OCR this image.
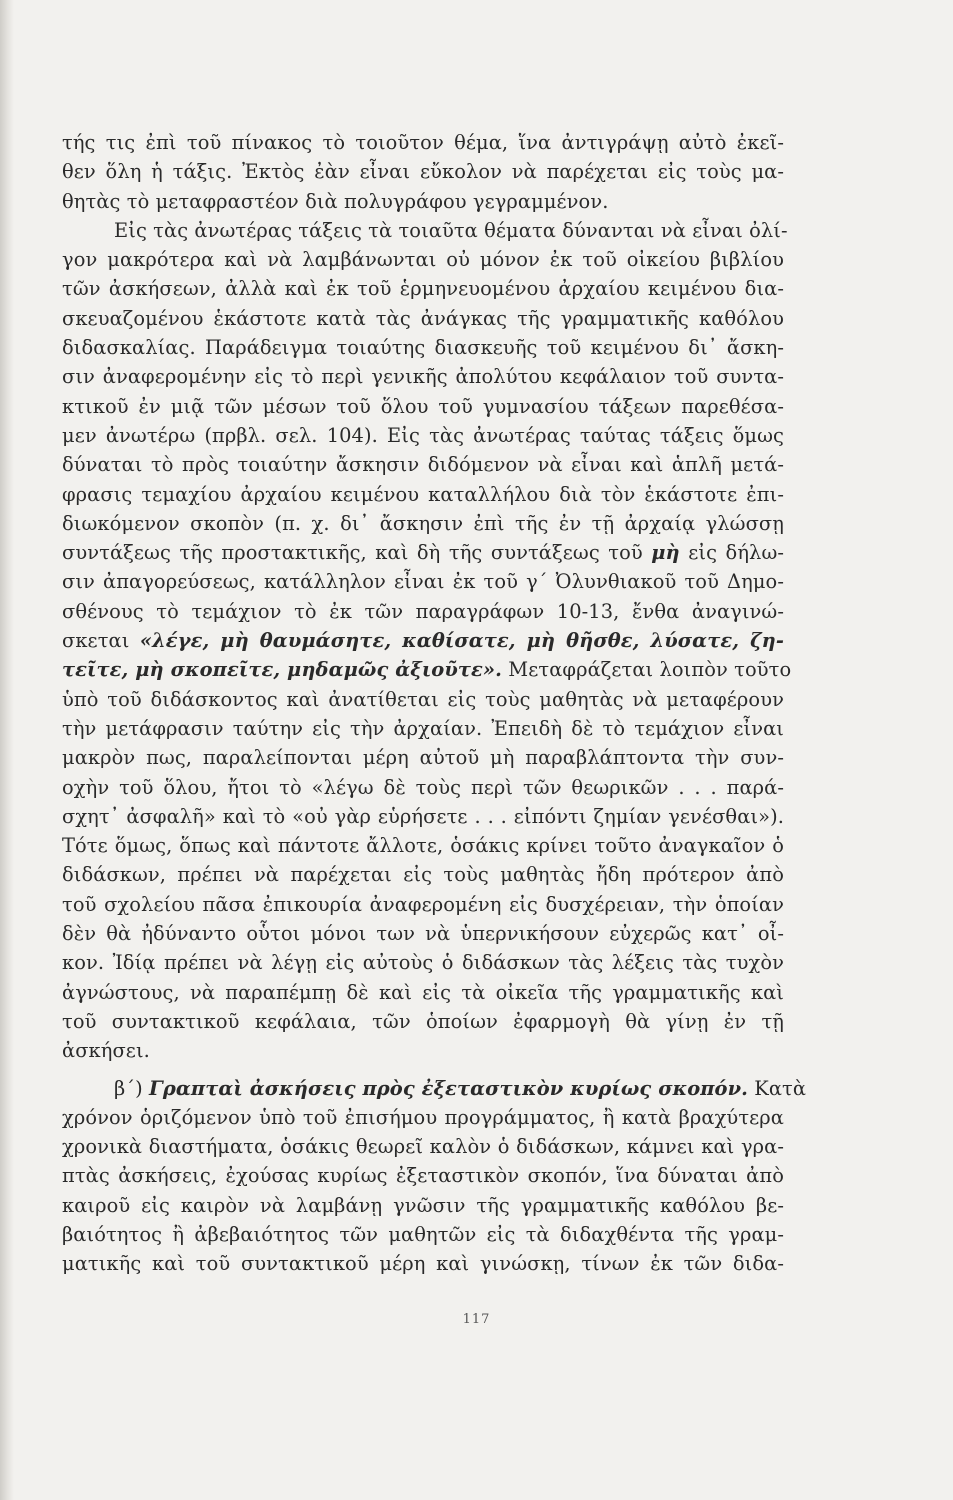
τής τις ἐπὶ τοῦ πίνακος τὸ τοιοῦτον θέμα, ἵνα ἀντιγράψῃ αὐτὸ ἐκεῖ-
θεν ὅλη ἡ τάξις. Ἐκτὸς ἐὰν εἶναι εὔκολον νὰ παρέχεται εἰς τοὺς μα-
θητὰς τὸ μεταφραστέον διὰ πολυγράφου γεγραμμένον.
Εἰς τὰς ἀνωτέρας τάξεις τὰ τοιαῦτα θέματα δύνανται νὰ εἶναι ὀλί-
γον μακρότερα καὶ νὰ λαμβάνωνται οὐ μόνον ἐκ τοῦ οἰκείου βιβλίου
τῶν ἀσκήσεων, ἀλλὰ καὶ ἐκ τοῦ ἑρμηνευομένου ἀρχαίου κειμένου δια-
σκευαζομένου ἑκάστοτε κατὰ τὰς ἀνάγκας τῆς γραμματικῆς καθόλου
διδασκαλίας. Παράδειγμα τοιαύτης διασκευῆς τοῦ κειμένου δι᾿ ἄσκη-
σιν ἀναφερομένην εἰς τὸ περὶ γενικῆς ἀπολύτου κεφάλαιον τοῦ συντα-
κτικοῦ ἐν μιᾷ τῶν μέσων τοῦ ὅλου τοῦ γυμνασίου τάξεων παρεθέσα-
μεν ἀνωτέρω (πρβλ. σελ. 104). Εἰς τὰς ἀνωτέρας ταύτας τάξεις ὅμως
δύναται τὸ πρὸς τοιαύτην ἄσκησιν διδόμενον νὰ εἶναι καὶ ἁπλῆ μετά-
φρασις τεμαχίου ἀρχαίου κειμένου καταλλήλου διὰ τὸν ἑκάστοτε ἐπι-
διωκόμενον σκοπὸν (π. χ. δι᾿ ἄσκησιν ἐπὶ τῆς ἐν τῇ ἀρχαίᾳ γλώσσῃ
συντάξεως τῆς προστακτικῆς, καὶ δὴ τῆς συντάξεως τοῦ μὴ εἰς δήλω-
σιν ἀπαγορεύσεως, κατάλληλον εἶναι ἐκ τοῦ γ´ Ὀλυνθιακοῦ τοῦ Δημο-
σθένους τὸ τεμάχιον τὸ ἐκ τῶν παραγράφων 10-13, ἔνθα ἀναγινώ-
σκεται «λέγε, μὴ θαυμάσητε, καθίσατε, μὴ θῆσθε, λύσατε, ζη-
τεῖτε, μὴ σκοπεῖτε, μηδαμῶς ἀξιοῦτε». Μεταφράζεται λοιπὸν τοῦτο
ὑπὸ τοῦ διδάσκοντος καὶ ἀνατίθεται εἰς τοὺς μαθητὰς νὰ μεταφέρουν
τὴν μετάφρασιν ταύτην εἰς τὴν ἀρχαίαν. Ἐπειδὴ δὲ τὸ τεμάχιον εἶναι
μακρὸν πως, παραλείπονται μέρη αὐτοῦ μὴ παραβλάπτοντα τὴν συν-
οχὴν τοῦ ὅλου, ἤτοι τὸ «λέγω δὲ τοὺς περὶ τῶν θεωρικῶν . . . παρά-
σχητ᾿ ἀσφαλῆ» καὶ τὸ «οὐ γὰρ εὑρήσετε . . . εἰπόντι ζημίαν γενέσθαι»).
Τότε ὅμως, ὅπως καὶ πάντοτε ἄλλοτε, ὁσάκις κρίνει τοῦτο ἀναγκαῖον ὁ
διδάσκων, πρέπει νὰ παρέχεται εἰς τοὺς μαθητὰς ἤδη πρότερον ἀπὸ
τοῦ σχολείου πᾶσα ἐπικουρία ἀναφερομένη εἰς δυσχέρειαν, τὴν ὁποίαν
δὲν θὰ ἠδύναντο οὗτοι μόνοι των νὰ ὑπερνικήσουν εὐχερῶς κατ᾿ οἶ-
κον. Ἰδίᾳ πρέπει νὰ λέγῃ εἰς αὐτοὺς ὁ διδάσκων τὰς λέξεις τὰς τυχὸν
ἀγνώστους, νὰ παραπέμπῃ δὲ καὶ εἰς τὰ οἰκεῖα τῆς γραμματικῆς καὶ
τοῦ συντακτικοῦ κεφάλαια, τῶν ὁποίων ἐφαρμογὴ θὰ γίνῃ ἐν τῇ
ἀσκήσει.
β´) Γραπταὶ ἀσκήσεις πρὸς ἐξεταστικὸν κυρίως σκοπόν. Κατὰ
χρόνον ὁριζόμενον ὑπὸ τοῦ ἐπισήμου προγράμματος, ἢ κατὰ βραχύτερα
χρονικὰ διαστήματα, ὁσάκις θεωρεῖ καλὸν ὁ διδάσκων, κάμνει καὶ γρα-
πτὰς ἀσκήσεις, ἐχούσας κυρίως ἐξεταστικὸν σκοπόν, ἵνα δύναται ἀπὸ
καιροῦ εἰς καιρὸν νὰ λαμβάνῃ γνῶσιν τῆς γραμματικῆς καθόλου βε-
βαιότητος ἢ ἀβεβαιότητος τῶν μαθητῶν εἰς τὰ διδαχθέντα τῆς γραμ-
ματικῆς καὶ τοῦ συντακτικοῦ μέρη καὶ γινώσκῃ, τίνων ἐκ τῶν διδα-
117
